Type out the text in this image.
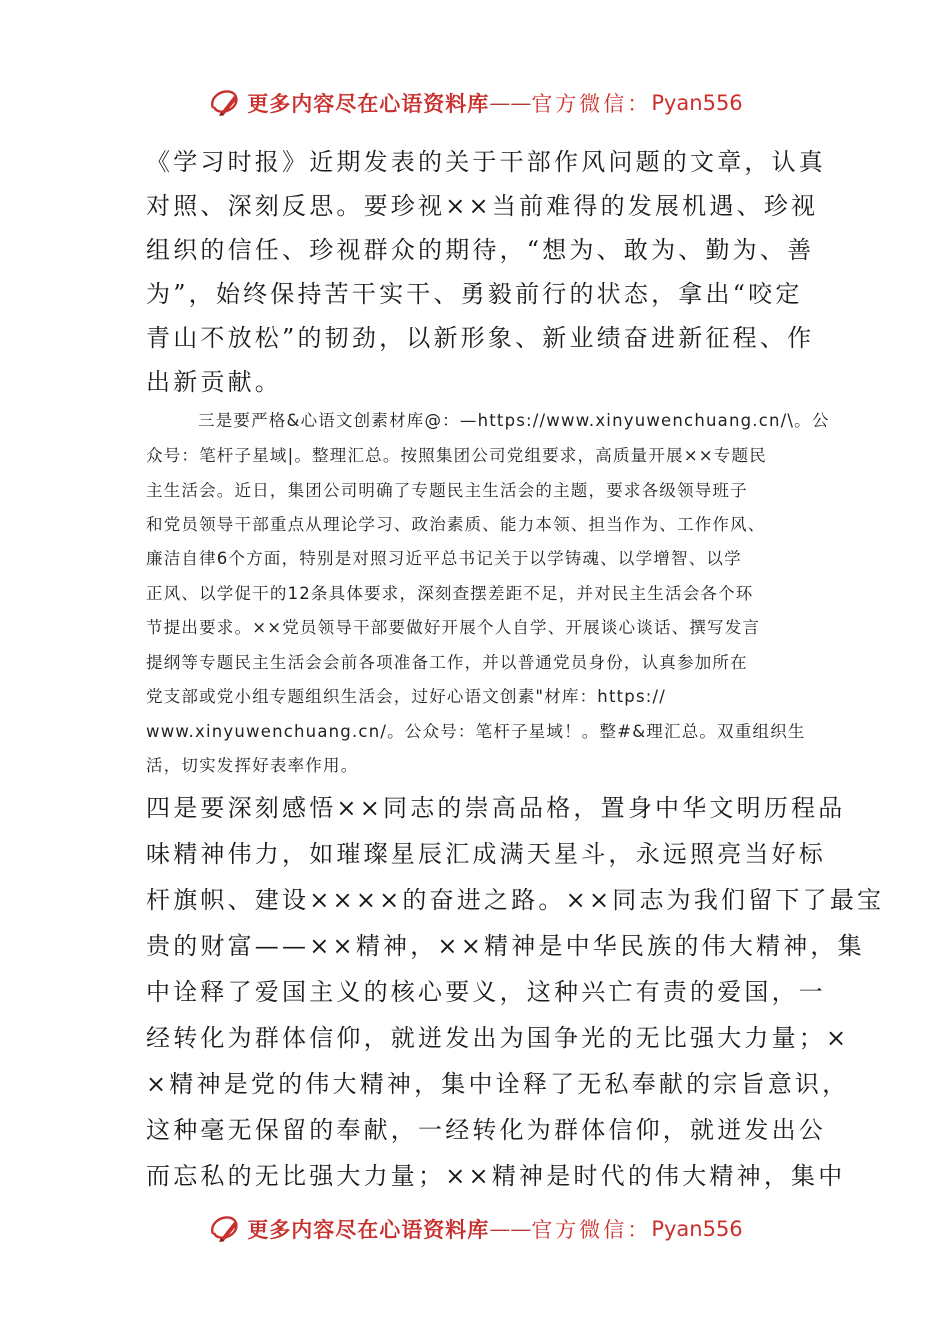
更多内容尽在心语资料库 —— 官方微信： Pyan556
《学习时报》近期发表的关于干部作风问题的文章，认真
对照、深刻反思。要珍视××当前难得的发展机遇、珍视
组织的信任、珍视群众的期待，“想为、敢为、勤为、善
为”，始终保持苦干实干、勇毅前行的状态，拿出“咬定
青山不放松”的韧劲，以新形象、新业绩奋进新征程、作
出新贡献。
三是要严格&心语文创素材库@：—https://www.xinyuwenchuang.cn/\。公
众号：笔杆子星域|。整理汇总。按照集团公司党组要求，高质量开展××专题民
主生活会。近日，集团公司明确了专题民主生活会的主题，要求各级领导班子
和党员领导干部重点从理论学习、政治素质、能力本领、担当作为、工作作风、
廉洁自律6个方面，特别是对照习近平总书记关于以学铸魂、以学增智、以学
正风、以学促干的12条具体要求，深刻查摆差距不足，并对民主生活会各个环
节提出要求。××党员领导干部要做好开展个人自学、开展谈心谈话、撰写发言
提纲等专题民主生活会会前各项准备工作，并以普通党员身份，认真参加所在
党支部或党小组专题组织生活会，过好心语文创素"材库：https://
www.xinyuwenchuang.cn/。公众号：笔杆子星域！。整#&理汇总。双重组织生
活，切实发挥好表率作用。
四是要深刻感悟××同志的崇高品格，置身中华文明历程品
味精神伟力，如璀璨星辰汇成满天星斗，永远照亮当好标
杆旗帜、建设××××的奋进之路。××同志为我们留下了最宝
贵的财富——××精神，××精神是中华民族的伟大精神，集
中诠释了爱国主义的核心要义，这种兴亡有责的爱国，一
经转化为群体信仰，就迸发出为国争光的无比强大力量；×
×精神是党的伟大精神，集中诠释了无私奉献的宗旨意识，
这种毫无保留的奉献，一经转化为群体信仰，就迸发出公
而忘私的无比强大力量；××精神是时代的伟大精神，集中
更多内容尽在心语资料库 —— 官方微信： Pyan556
